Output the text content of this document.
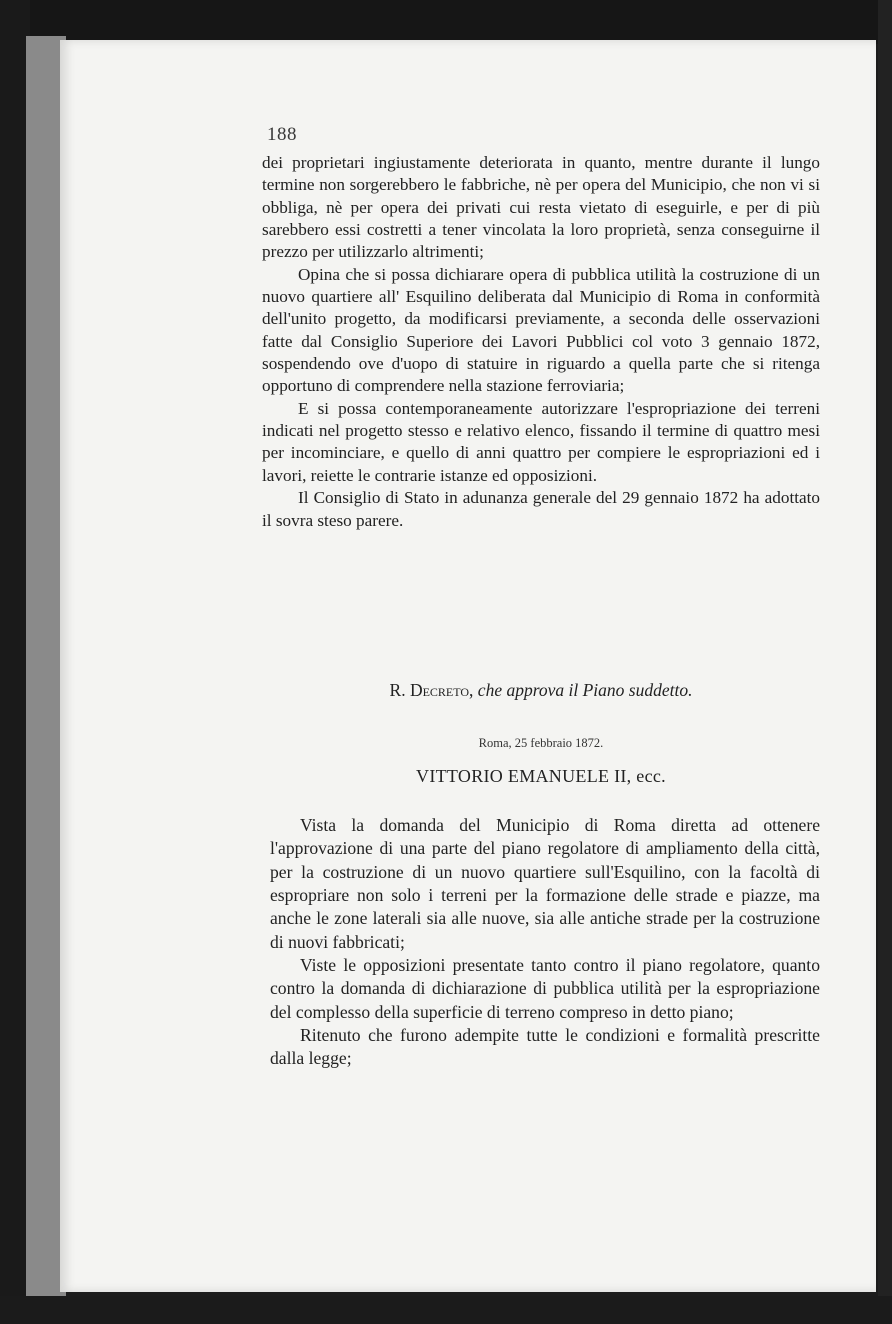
188

dei proprietari ingiustamente deteriorata in quanto, mentre durante il lungo termine non sorgerebbero le fabbriche, nè per opera del Municipio, che non vi si obbliga, nè per opera dei privati cui resta vietato di eseguirle, e per di più sarebbero essi costretti a tener vincolata la loro proprietà, senza conseguirne il prezzo per utilizzarlo altrimenti;

Opina che si possa dichiarare opera di pubblica utilità la costruzione di un nuovo quartiere all' Esquilino deliberata dal Municipio di Roma in conformità dell'unito progetto, da modificarsi previamente, a seconda delle osservazioni fatte dal Consiglio Superiore dei Lavori Pubblici col voto 3 gennaio 1872, sospendendo ove d'uopo di statuire in riguardo a quella parte che si ritenga opportuno di comprendere nella stazione ferroviaria;

E si possa contemporaneamente autorizzare l'espropriazione dei terreni indicati nel progetto stesso e relativo elenco, fissando il termine di quattro mesi per incominciare, e quello di anni quattro per compiere le espropriazioni ed i lavori, reiette le contrarie istanze ed opposizioni.

Il Consiglio di Stato in adunanza generale del 29 gennaio 1872 ha adottato il sovra steso parere.

R. Decreto, che approva il Piano suddetto.
Roma, 25 febbraio 1872.
VITTORIO EMANUELE II, ecc.

Vista la domanda del Municipio di Roma diretta ad ottenere l'approvazione di una parte del piano regolatore di ampliamento della città, per la costruzione di un nuovo quartiere sull'Esquilino, con la facoltà di espropriare non solo i terreni per la formazione delle strade e piazze, ma anche le zone laterali sia alle nuove, sia alle antiche strade per la costruzione di nuovi fabbricati;

Viste le opposizioni presentate tanto contro il piano regolatore, quanto contro la domanda di dichiarazione di pubblica utilità per la espropriazione del complesso della superficie di terreno compreso in detto piano;

Ritenuto che furono adempite tutte le condizioni e formalità prescritte dalla legge;
